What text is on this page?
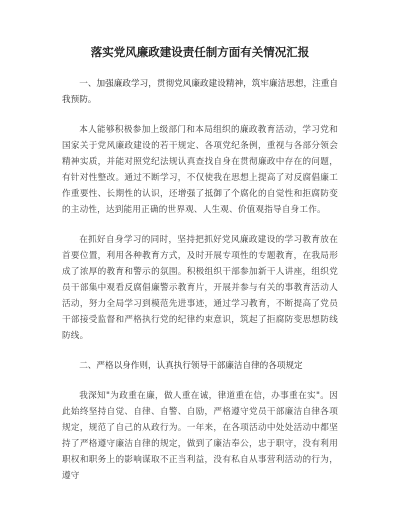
落实党风廉政建设责任制方面有关情况汇报
一、加强廉政学习，贯彻党风廉政建设精神，筑牢廉洁思想，注重自我预防。
本人能够积极参加上级部门和本局组织的廉政教育活动，学习党和国家关于党风廉政建设的若干规定、各项党纪条例，重视与各部分领会精神实质，并能对照党纪法规认真查找自身在贯彻廉政中存在的问题，有针对性整改。通过不断学习，不仅使我在思想上提高了对反腐倡廉工作重要性、长期性的认识，还增强了抵御了个腐化的自觉性和拒腐防变的主动性，达到能用正确的世界观、人生观、价值观指导自身工作。
在抓好自身学习的同时，坚持把抓好党风廉政建设的学习教育放在首要位置，利用各种教育方式，及时开展专项性的专题教育，在我局形成了浓厚的教育和警示的氛围。积极组织干部参加新干人讲座，组织党员干部集中观看反腐倡廉警示教育片，开展并参与有关的事教育活动人活动，努力全局学习到模范先进事迹，通过学习教育，不断提高了党员干部接受监督和严格执行党的纪律约束意识，筑起了拒腐防变思想防线防线。
二、严格以身作则，认真执行领导干部廉洁自律的各项规定
我深知"为政重在廉，做人重在诚，律道重在信，办事重在实"。因此始终坚持自觉、自律、自警、自励，严格遵守党员干部廉洁自律各项规定，规范了自己的从政行为。一年来，在各项活动中处处活动中都坚持了严格遵守廉洁自律的规定，做到了廉洁奉公，忠于职守，没有利用职权和职务上的影响谋取不正当利益，没有私自从事营利活动的行为，遵守
